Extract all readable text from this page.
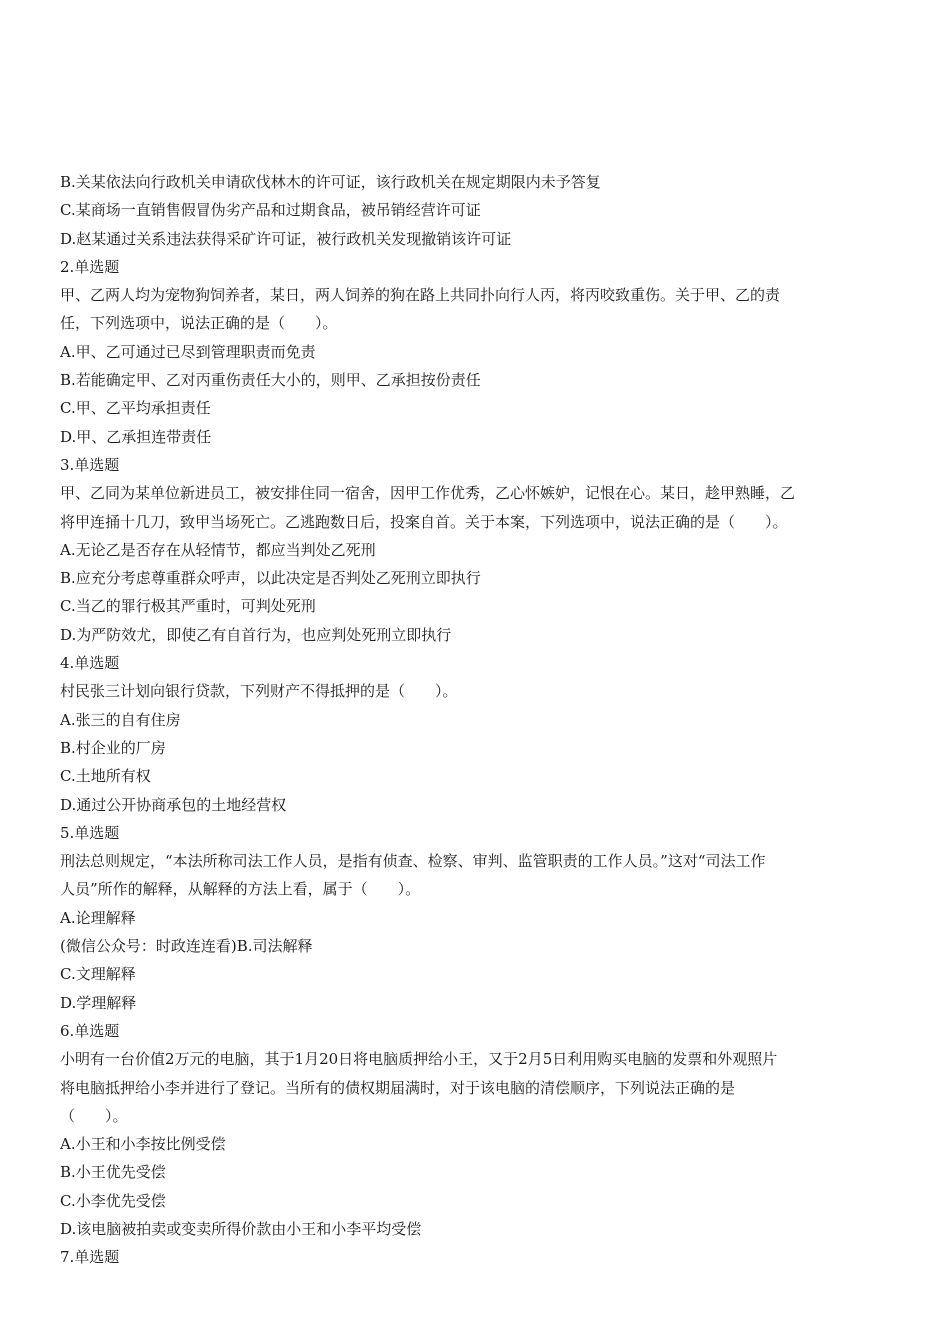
B.关某依法向行政机关申请砍伐林木的许可证，该行政机关在规定期限内未予答复
C.某商场一直销售假冒伪劣产品和过期食品，被吊销经营许可证
D.赵某通过关系违法获得采矿许可证，被行政机关发现撤销该许可证
2.单选题
甲、乙两人均为宠物狗饲养者，某日，两人饲养的狗在路上共同扑向行人丙，将丙咬致重伤。关于甲、乙的责
任，下列选项中，说法正确的是（　　）。
A.甲、乙可通过已尽到管理职责而免责
B.若能确定甲、乙对丙重伤责任大小的，则甲、乙承担按份责任
C.甲、乙平均承担责任
D.甲、乙承担连带责任
3.单选题
甲、乙同为某单位新进员工，被安排住同一宿舍，因甲工作优秀，乙心怀嫉妒，记恨在心。某日，趁甲熟睡，乙
将甲连捅十几刀，致甲当场死亡。乙逃跑数日后，投案自首。关于本案，下列选项中，说法正确的是（　　）。
A.无论乙是否存在从轻情节，都应当判处乙死刑
B.应充分考虑尊重群众呼声，以此决定是否判处乙死刑立即执行
C.当乙的罪行极其严重时，可判处死刑
D.为严防效尤，即使乙有自首行为，也应判处死刑立即执行
4.单选题
村民张三计划向银行贷款，下列财产不得抵押的是（　　）。
A.张三的自有住房
B.村企业的厂房
C.土地所有权
D.通过公开协商承包的土地经营权
5.单选题
刑法总则规定，“本法所称司法工作人员，是指有侦查、检察、审判、监管职责的工作人员。”这对“司法工作
人员”所作的解释，从解释的方法上看，属于（　　）。
A.论理解释
(微信公众号：时政连连看)B.司法解释
C.文理解释
D.学理解释
6.单选题
小明有一台价值2万元的电脑，其于1月20日将电脑质押给小王，又于2月5日利用购买电脑的发票和外观照片
将电脑抵押给小李并进行了登记。当所有的债权期届满时，对于该电脑的清偿顺序，下列说法正确的是
（　　）。
A.小王和小李按比例受偿
B.小王优先受偿
C.小李优先受偿
D.该电脑被拍卖或变卖所得价款由小王和小李平均受偿
7.单选题
